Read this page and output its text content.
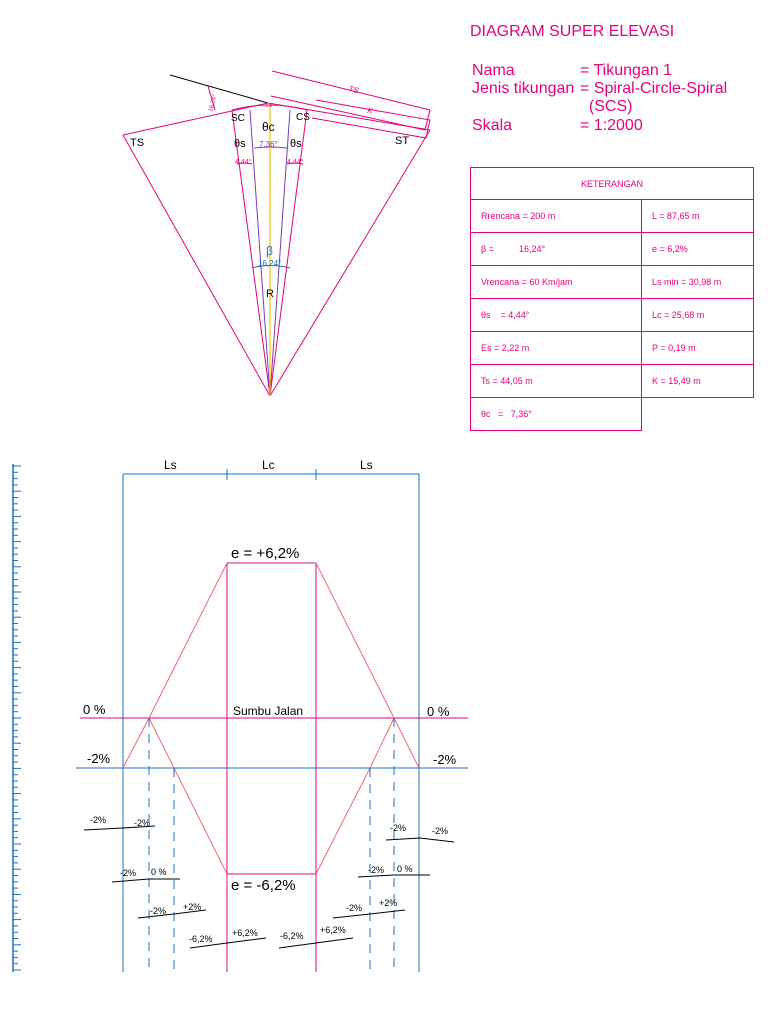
DIAGRAM SUPER ELEVASI
Nama	= Tikungan 1
Jenis tikungan = Spiral-Circle-Spiral
(SCS)
Skala	= 1:2000
KETERANGAN	
Rrencana = 200 m	L = 87,65 m
β =          16,24°	e = 6,2%
Vrencana = 60 Km/jam	Ls min = 30,98 m
θs    = 4,44°	Lc = 25,68 m
Es = 2,22 m	P = 0,19 m
Ts = 44,05 m	K = 15,49 m
θc   =   7,36°	
TS	ST
SC	CS
θc
θs	θs
7,36°
4,44°	4,44°
β
16,24°
R
Es
TS
K
16,24°
Ls	Lc	Ls
e = +6,2%
e = -6,2%
0 %	0 %
Sumbu Jalan
-2%	-2%
-2%	-2%
-2% 0 %
-2% +2%
-6,2%
+6,2% -6,2%
+6,2%
-2% +2%
-2% 0 %
-2%	-2%
